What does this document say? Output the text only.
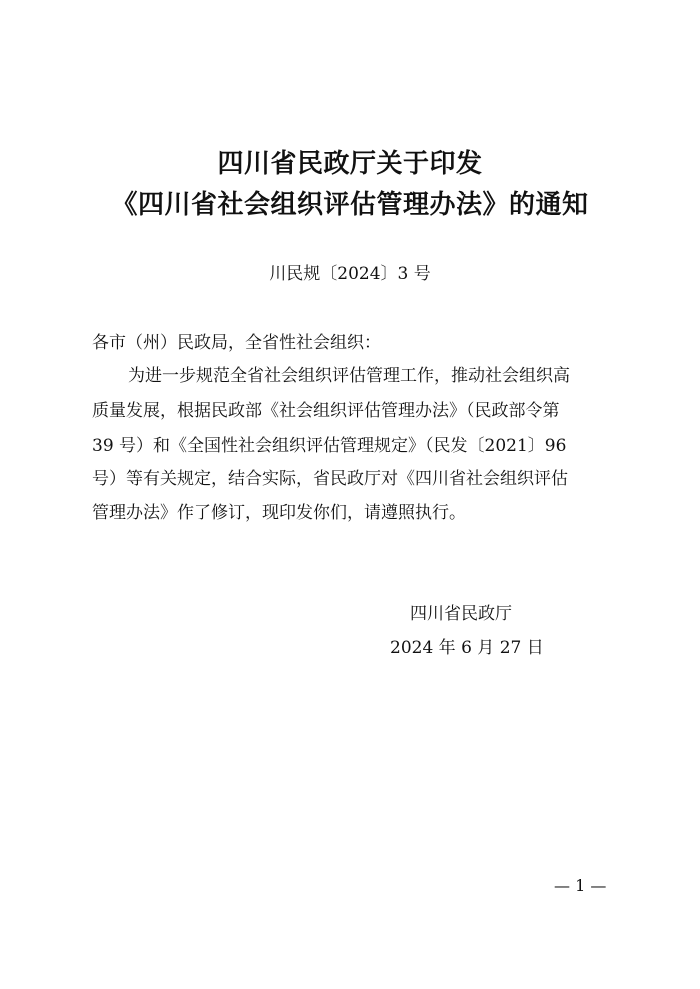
四川省民政厅关于印发
《四川省社会组织评估管理办法》的通知
川民规〔2024〕3 号
各市（州）民政局，全省性社会组织：
为进一步规范全省社会组织评估管理工作，推动社会组织高
质量发展，根据民政部《社会组织评估管理办法》（民政部令第
39 号）和《全国性社会组织评估管理规定》（民发〔2021〕96
号）等有关规定，结合实际，省民政厅对《四川省社会组织评估
管理办法》作了修订，现印发你们，请遵照执行。
四川省民政厅
2024 年 6 月 27 日
— 1 —
